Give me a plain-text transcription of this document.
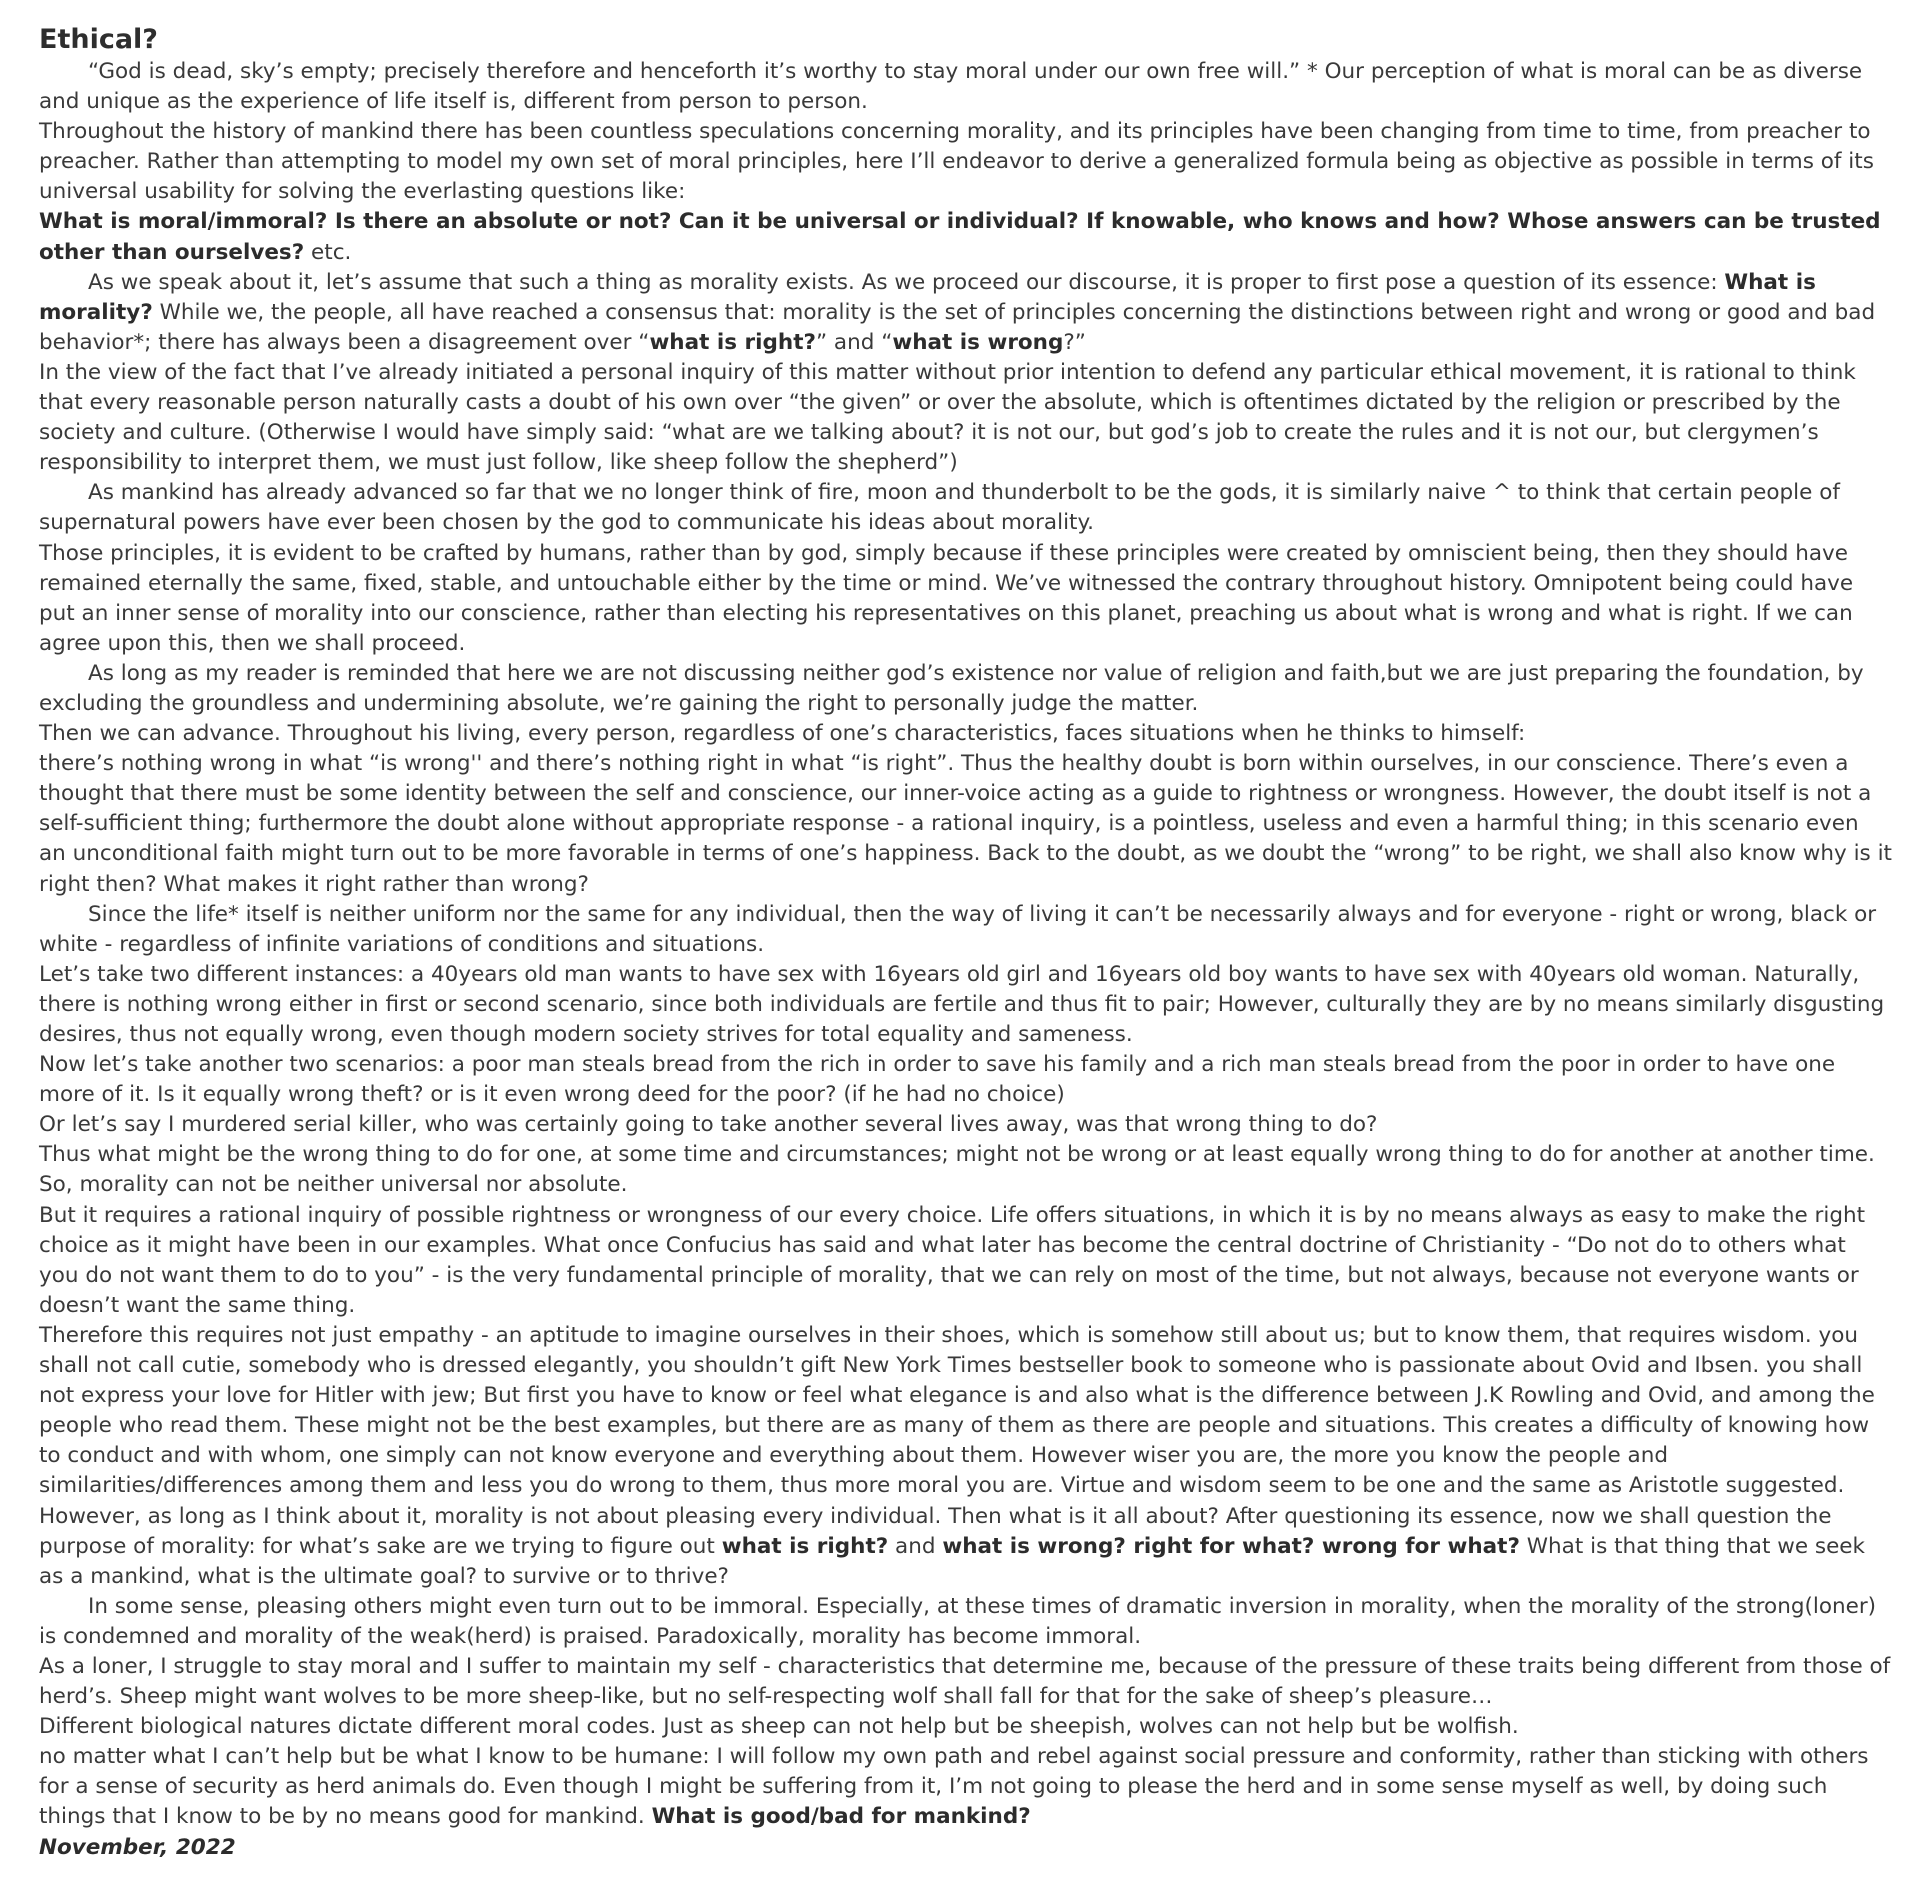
Ethical?

“God is dead, sky’s empty; precisely therefore and henceforth it’s worthy to stay moral under our own free will.” * Our perception of what is moral can be as diverse and unique as the experience of life itself is, different from person to person.

Throughout the history of mankind there has been countless speculations concerning morality, and its principles have been changing from time to time, from preacher to preacher. Rather than attempting to model my own set of moral principles, here I’ll endeavor to derive a generalized formula being as objective as possible in terms of its universal usability for solving the everlasting questions like:

What is moral/immoral? Is there an absolute or not? Can it be universal or individual? If knowable, who knows and how? Whose answers can be trusted other than ourselves? etc.

As we speak about it, let’s assume that such a thing as morality exists. As we proceed our discourse, it is proper to first pose a question of its essence: What is morality? While we, the people, all have reached a consensus that: morality is the set of principles concerning the distinctions between right and wrong or good and bad behavior*; there has always been a disagreement over “what is right?” and “what is wrong?”

In the view of the fact that I’ve already initiated a personal inquiry of this matter without prior intention to defend any particular ethical movement, it is rational to think that every reasonable person naturally casts a doubt of his own over “the given” or over the absolute, which is oftentimes dictated by the religion or prescribed by the society and culture. (Otherwise I would have simply said: “what are we talking about? it is not our, but god’s job to create the rules and it is not our, but clergymen’s responsibility to interpret them, we must just follow, like sheep follow the shepherd”)

As mankind has already advanced so far that we no longer think of fire, moon and thunderbolt to be the gods, it is similarly naive ^ to think that certain people of supernatural powers have ever been chosen by the god to communicate his ideas about morality.

Those principles, it is evident to be crafted by humans, rather than by god, simply because if these principles were created by omniscient being, then they should have remained eternally the same, fixed, stable, and untouchable either by the time or mind. We’ve witnessed the contrary throughout history. Omnipotent being could have put an inner sense of morality into our conscience, rather than electing his representatives on this planet, preaching us about what is wrong and what is right. If we can agree upon this, then we shall proceed.

As long as my reader is reminded that here we are not discussing neither god’s existence nor value of religion and faith,but we are just preparing the foundation, by excluding the groundless and undermining absolute, we’re gaining the right to personally judge the matter.

Then we can advance. Throughout his living, every person, regardless of one’s characteristics, faces situations when he thinks to himself:

there’s nothing wrong in what “is wrong'' and there’s nothing right in what “is right”. Thus the healthy doubt is born within ourselves, in our conscience. There’s even a thought that there must be some identity between the self and conscience, our inner-voice acting as a guide to rightness or wrongness. However, the doubt itself is not a self-sufficient thing; furthermore the doubt alone without appropriate response - a rational inquiry, is a pointless, useless and even a harmful thing; in this scenario even an unconditional faith might turn out to be more favorable in terms of one’s happiness. Back to the doubt, as we doubt the “wrong” to be right, we shall also know why is it right then? What makes it right rather than wrong?

Since the life* itself is neither uniform nor the same for any individual, then the way of living it can’t be necessarily always and for everyone - right or wrong, black or white - regardless of infinite variations of conditions and situations.

Let’s take two different instances: a 40years old man wants to have sex with 16years old girl and 16years old boy wants to have sex with 40years old woman. Naturally, there is nothing wrong either in first or second scenario, since both individuals are fertile and thus fit to pair; However, culturally they are by no means similarly disgusting desires, thus not equally wrong, even though modern society strives for total equality and sameness.

Now let’s take another two scenarios: a poor man steals bread from the rich in order to save his family and a rich man steals bread from the poor in order to have one more of it. Is it equally wrong theft? or is it even wrong deed for the poor? (if he had no choice)

Or let’s say I murdered serial killer, who was certainly going to take another several lives away, was that wrong thing to do?

Thus what might be the wrong thing to do for one, at some time and circumstances; might not be wrong or at least equally wrong thing to do for another at another time. So, morality can not be neither universal nor absolute.

But it requires a rational inquiry of possible rightness or wrongness of our every choice. Life offers situations, in which it is by no means always as easy to make the right choice as it might have been in our examples. What once Confucius has said and what later has become the central doctrine of Christianity - “Do not do to others what you do not want them to do to you” - is the very fundamental principle of morality, that we can rely on most of the time, but not always, because not everyone wants or doesn’t want the same thing.

Therefore this requires not just empathy - an aptitude to imagine ourselves in their shoes, which is somehow still about us; but to know them, that requires wisdom. you shall not call cutie, somebody who is dressed elegantly, you shouldn’t gift New York Times bestseller book to someone who is passionate about Ovid and Ibsen. you shall not express your love for Hitler with jew; But first you have to know or feel what elegance is and also what is the difference between J.K Rowling and Ovid, and among the people who read them. These might not be the best examples, but there are as many of them as there are people and situations. This creates a difficulty of knowing how to conduct and with whom, one simply can not know everyone and everything about them. However wiser you are, the more you know the people and similarities/differences among them and less you do wrong to them, thus more moral you are. Virtue and wisdom seem to be one and the same as Aristotle suggested. However, as long as I think about it, morality is not about pleasing every individual. Then what is it all about? After questioning its essence, now we shall question the purpose of morality: for what’s sake are we trying to figure out what is right? and what is wrong? right for what? wrong for what? What is that thing that we seek as a mankind, what is the ultimate goal? to survive or to thrive?

In some sense, pleasing others might even turn out to be immoral. Especially, at these times of dramatic inversion in morality, when the morality of the strong(loner) is condemned and morality of the weak(herd) is praised. Paradoxically, morality has become immoral.

As a loner, I struggle to stay moral and I suffer to maintain my self - characteristics that determine me, because of the pressure of these traits being different from those of herd’s. Sheep might want wolves to be more sheep-like, but no self-respecting wolf shall fall for that for the sake of sheep’s pleasure…

Different biological natures dictate different moral codes. Just as sheep can not help but be sheepish, wolves can not help but be wolfish.

no matter what I can’t help but be what I know to be humane: I will follow my own path and rebel against social pressure and conformity, rather than sticking with others for a sense of security as herd animals do. Even though I might be suffering from it, I’m not going to please the herd and in some sense myself as well, by doing such things that I know to be by no means good for mankind. What is good/bad for mankind?

November, 2022
